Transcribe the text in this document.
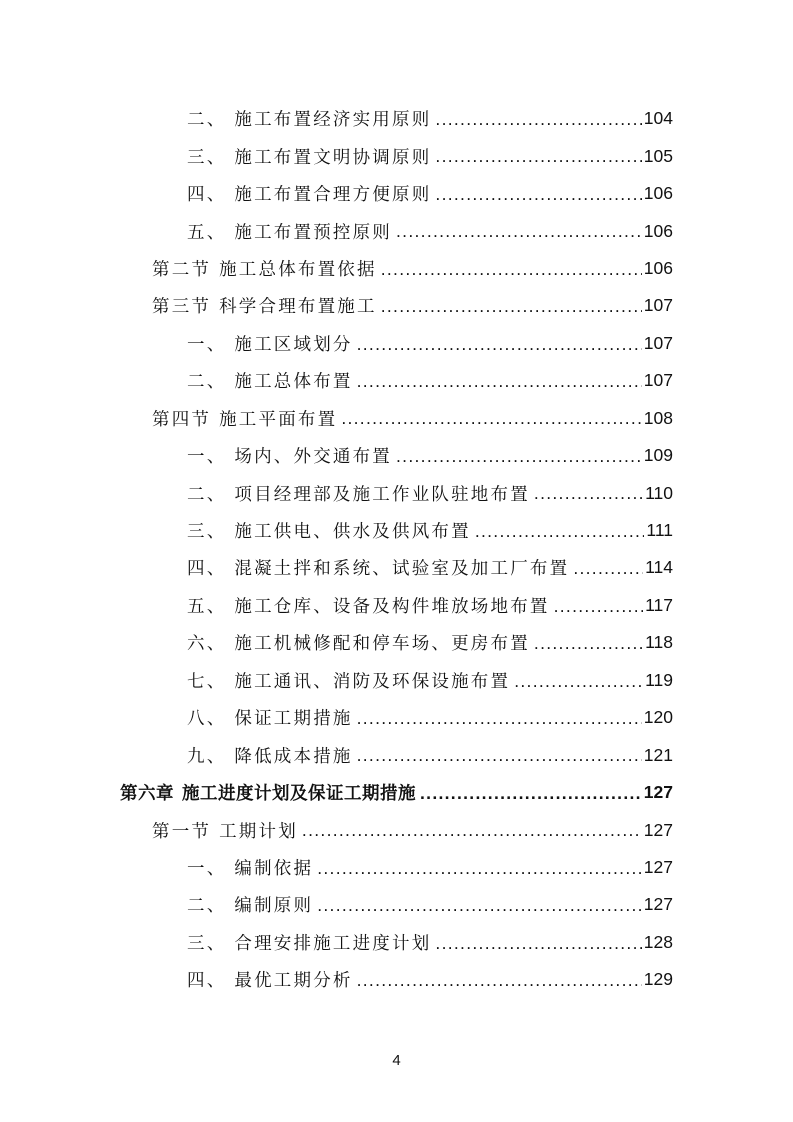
二、 施工布置经济实用原则 .....	104
三、 施工布置文明协调原则 .....	105
四、 施工布置合理方便原则 .....	106
五、 施工布置预控原则 .....	106
第二节 施工总体布置依据 .....	106
第三节 科学合理布置施工 .....	107
一、 施工区域划分 .....	107
二、 施工总体布置 .....	107
第四节 施工平面布置 .....	108
一、 场内、外交通布置 .....	109
二、 项目经理部及施工作业队驻地布置 .....	110
三、 施工供电、供水及供风布置 .....	111
四、 混凝土拌和系统、试验室及加工厂布置 .....	114
五、 施工仓库、设备及构件堆放场地布置 .....	117
六、 施工机械修配和停车场、更房布置 .....	118
七、 施工通讯、消防及环保设施布置 .....	119
八、 保证工期措施 .....	120
九、 降低成本措施 .....	121
第六章 施工进度计划及保证工期措施 .....	127
第一节 工期计划 .....	127
一、 编制依据 .....	127
二、 编制原则 .....	127
三、 合理安排施工进度计划 .....	128
四、 最优工期分析 .....	129
4
